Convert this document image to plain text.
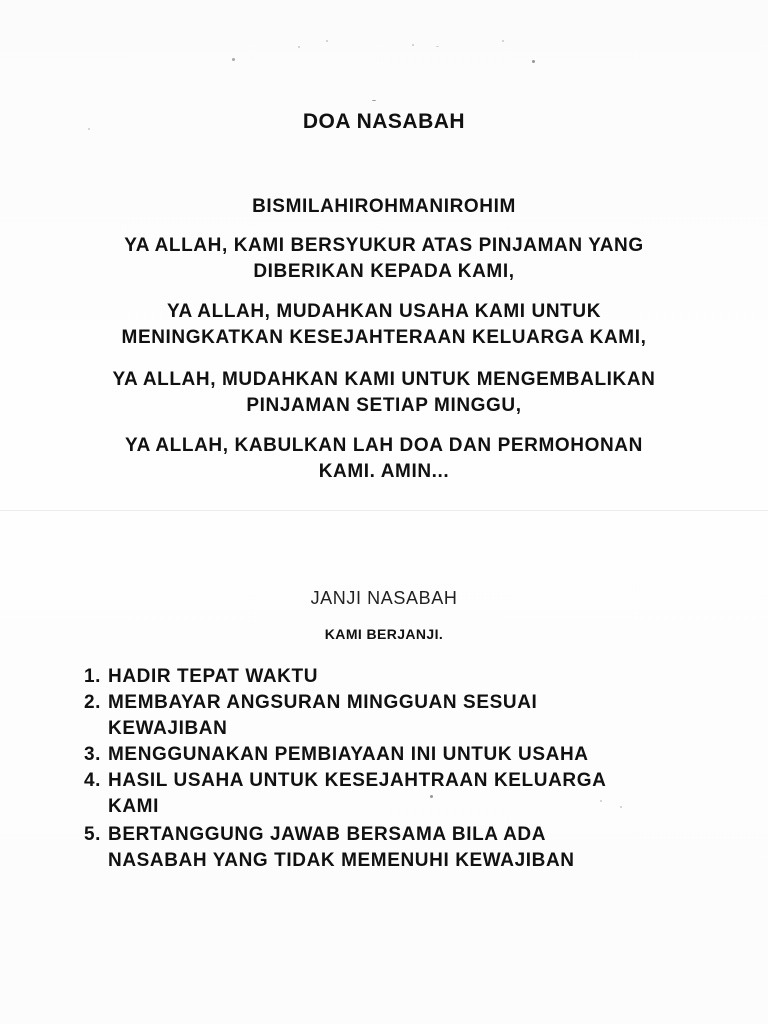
DOA NASABAH
BISMILAHIROHMANIROHIM
YA ALLAH, KAMI BERSYUKUR ATAS PINJAMAN YANG
DIBERIKAN KEPADA KAMI,
YA ALLAH, MUDAHKAN USAHA KAMI UNTUK
MENINGKATKAN KESEJAHTERAAN KELUARGA KAMI,
YA ALLAH, MUDAHKAN KAMI UNTUK MENGEMBALIKAN
PINJAMAN SETIAP MINGGU,
YA ALLAH, KABULKAN LAH DOA DAN PERMOHONAN
KAMI. AMIN...
JANJI NASABAH
KAMI BERJANJI.
1. HADIR TEPAT WAKTU
2. MEMBAYAR ANGSURAN MINGGUAN SESUAI
KEWAJIBAN
3. MENGGUNAKAN PEMBIAYAAN INI UNTUK USAHA
4. HASIL USAHA UNTUK KESEJAHTRAAN KELUARGA
KAMI
5. BERTANGGUNG JAWAB BERSAMA BILA ADA
NASABAH YANG TIDAK MEMENUHI KEWAJIBAN
